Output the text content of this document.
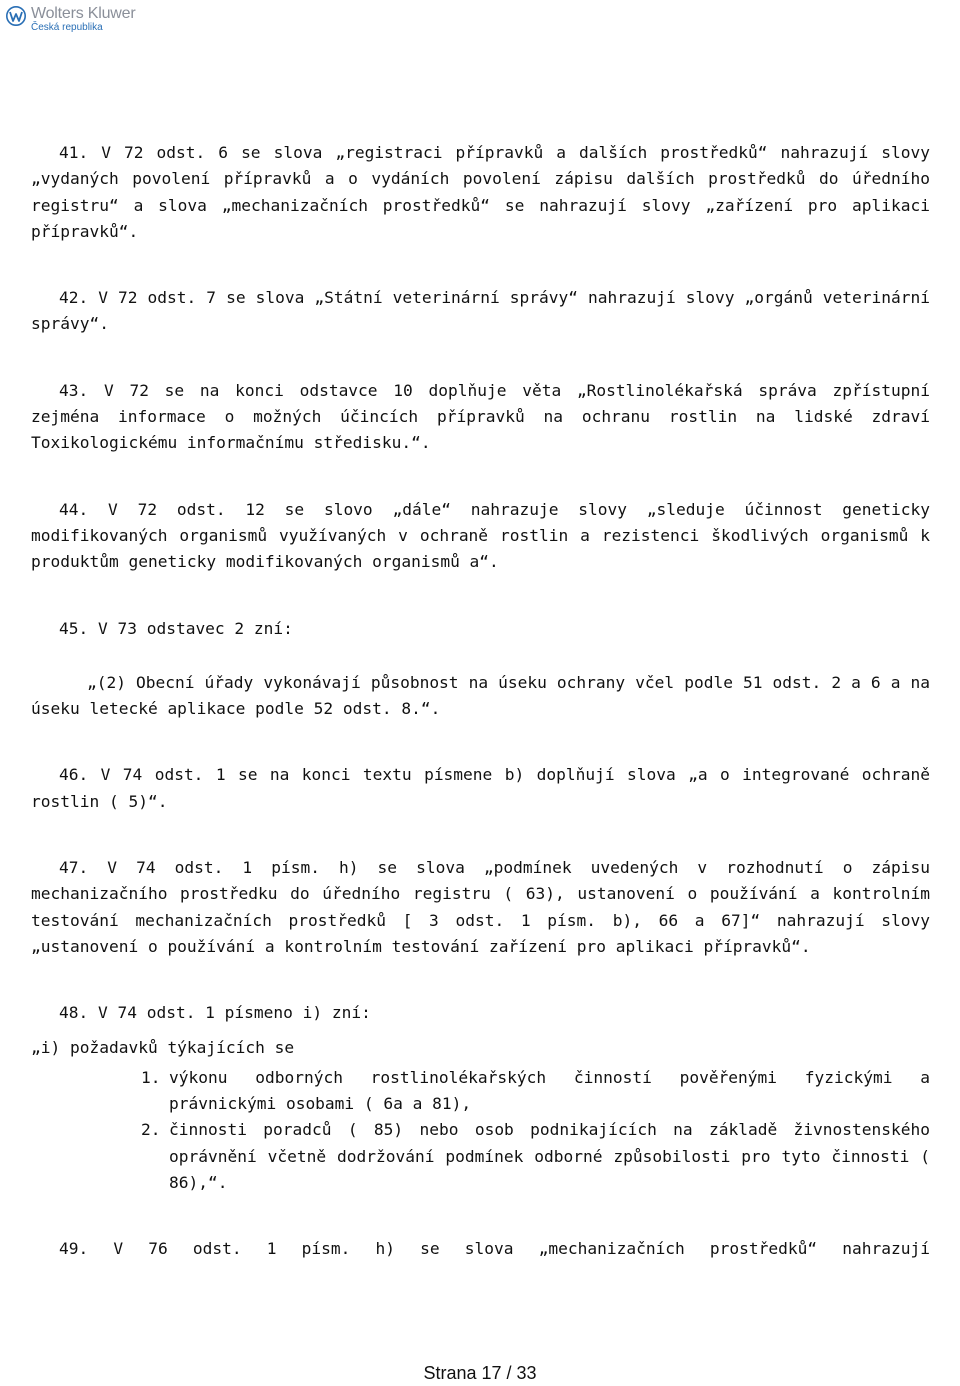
Wolters Kluwer
Česká republika

41. V 72 odst. 6 se slova „registraci přípravků a dalších prostředků“ nahrazují slovy „vydaných povolení přípravků a o vydáních povolení zápisu dalších prostředků do úředního registru“ a slova „mechanizačních prostředků“ se nahrazují slovy „zařízení pro aplikaci přípravků“.

42. V 72 odst. 7 se slova „Státní veterinární správy“ nahrazují slovy „orgánů veterinární správy“.

43. V 72 se na konci odstavce 10 doplňuje věta „Rostlinolékařská správa zpřístupní zejména informace o možných účincích přípravků na ochranu rostlin na lidské zdraví Toxikologickému informačnímu středisku.“.

44. V 72 odst. 12 se slovo „dále“ nahrazuje slovy „sleduje účinnost geneticky modifikovaných organismů využívaných v ochraně rostlin a rezistenci škodlivých organismů k produktům geneticky modifikovaných organismů a“.

45. V 73 odstavec 2 zní:

„(2) Obecní úřady vykonávají působnost na úseku ochrany včel podle 51 odst. 2 a 6 a na úseku letecké aplikace podle 52 odst. 8.“.

46. V 74 odst. 1 se na konci textu písmene b) doplňují slova „a o integrované ochraně rostlin ( 5)“.

47. V 74 odst. 1 písm. h) se slova „podmínek uvedených v rozhodnutí o zápisu mechanizačního prostředku do úředního registru ( 63), ustanovení o používání a kontrolním testování mechanizačních prostředků [ 3 odst. 1 písm. b), 66 a 67]“ nahrazují slovy „ustanovení o používání a kontrolním testování zařízení pro aplikaci přípravků“.

48. V 74 odst. 1 písmeno i) zní:

„i) požadavků týkajících se

1. výkonu odborných rostlinolékařských činností pověřenými fyzickými a právnickými osobami ( 6a a 81),
2. činnosti poradců ( 85) nebo osob podnikajících na základě živnostenského oprávnění včetně dodržování podmínek odborné způsobilosti pro tyto činnosti ( 86),“.

49. V 76 odst. 1 písm. h) se slova „mechanizačních prostředků“ nahrazují

Strana 17 / 33
